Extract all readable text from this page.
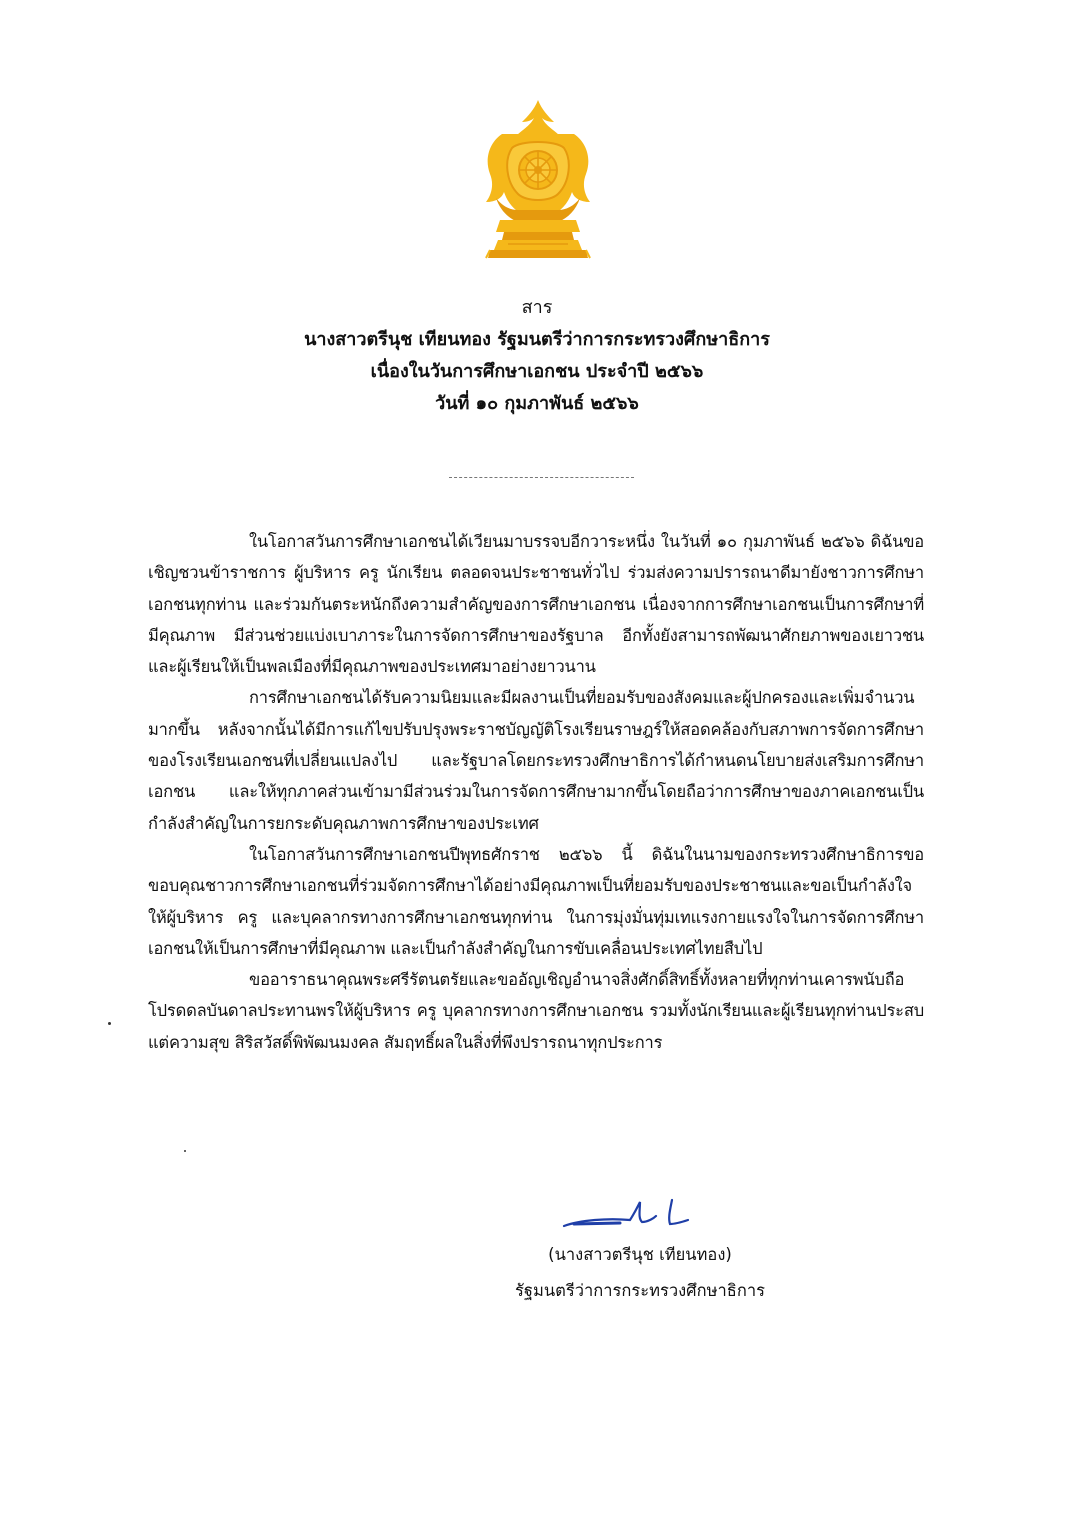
สาร
นางสาวตรีนุช เทียนทอง รัฐมนตรีว่าการกระทรวงศึกษาธิการ
เนื่องในวันการศึกษาเอกชน ประจำปี ๒๕๖๖
วันที่ ๑๐ กุมภาพันธ์ ๒๕๖๖

ในโอกาสวันการศึกษาเอกชนได้เวียนมาบรรจบอีกวาระหนึ่ง ในวันที่ ๑๐ กุมภาพันธ์ ๒๕๖๖ ดิฉันขอเชิญชวนข้าราชการ ผู้บริหาร ครู นักเรียน ตลอดจนประชาชนทั่วไป ร่วมส่งความปรารถนาดีมายังชาวการศึกษาเอกชนทุกท่าน และร่วมกันตระหนักถึงความสำคัญของการศึกษาเอกชน เนื่องจากการศึกษาเอกชนเป็นการศึกษาที่มีคุณภาพ มีส่วนช่วยแบ่งเบาภาระในการจัดการศึกษาของรัฐบาล อีกทั้งยังสามารถพัฒนาศักยภาพของเยาวชนและผู้เรียนให้เป็นพลเมืองที่มีคุณภาพของประเทศมาอย่างยาวนาน

การศึกษาเอกชนได้รับความนิยมและมีผลงานเป็นที่ยอมรับของสังคมและผู้ปกครองและเพิ่มจำนวนมากขึ้น หลังจากนั้นได้มีการแก้ไขปรับปรุงพระราชบัญญัติโรงเรียนราษฎร์ให้สอดคล้องกับสภาพการจัดการศึกษาของโรงเรียนเอกชนที่เปลี่ยนแปลงไป และรัฐบาลโดยกระทรวงศึกษาธิการได้กำหนดนโยบายส่งเสริมการศึกษาเอกชน และให้ทุกภาคส่วนเข้ามามีส่วนร่วมในการจัดการศึกษามากขึ้นโดยถือว่าการศึกษาของภาคเอกชนเป็นกำลังสำคัญในการยกระดับคุณภาพการศึกษาของประเทศ

ในโอกาสวันการศึกษาเอกชนปีพุทธศักราช ๒๕๖๖ นี้ ดิฉันในนามของกระทรวงศึกษาธิการขอขอบคุณชาวการศึกษาเอกชนที่ร่วมจัดการศึกษาได้อย่างมีคุณภาพเป็นที่ยอมรับของประชาชนและขอเป็นกำลังใจให้ผู้บริหาร ครู และบุคลากรทางการศึกษาเอกชนทุกท่าน ในการมุ่งมั่นทุ่มเทแรงกายแรงใจในการจัดการศึกษาเอกชนให้เป็นการศึกษาที่มีคุณภาพ และเป็นกำลังสำคัญในการขับเคลื่อนประเทศไทยสืบไป

ขออาราธนาคุณพระศรีรัตนตรัยและขออัญเชิญอำนาจสิ่งศักดิ์สิทธิ์ทั้งหลายที่ทุกท่านเคารพนับถือ โปรดดลบันดาลประทานพรให้ผู้บริหาร ครู บุคลากรทางการศึกษาเอกชน รวมทั้งนักเรียนและผู้เรียนทุกท่านประสบแต่ความสุข สิริสวัสดิ์พิพัฒนมงคล สัมฤทธิ์ผลในสิ่งที่พึงปรารถนาทุกประการ

(นางสาวตรีนุช เทียนทอง)
รัฐมนตรีว่าการกระทรวงศึกษาธิการ
